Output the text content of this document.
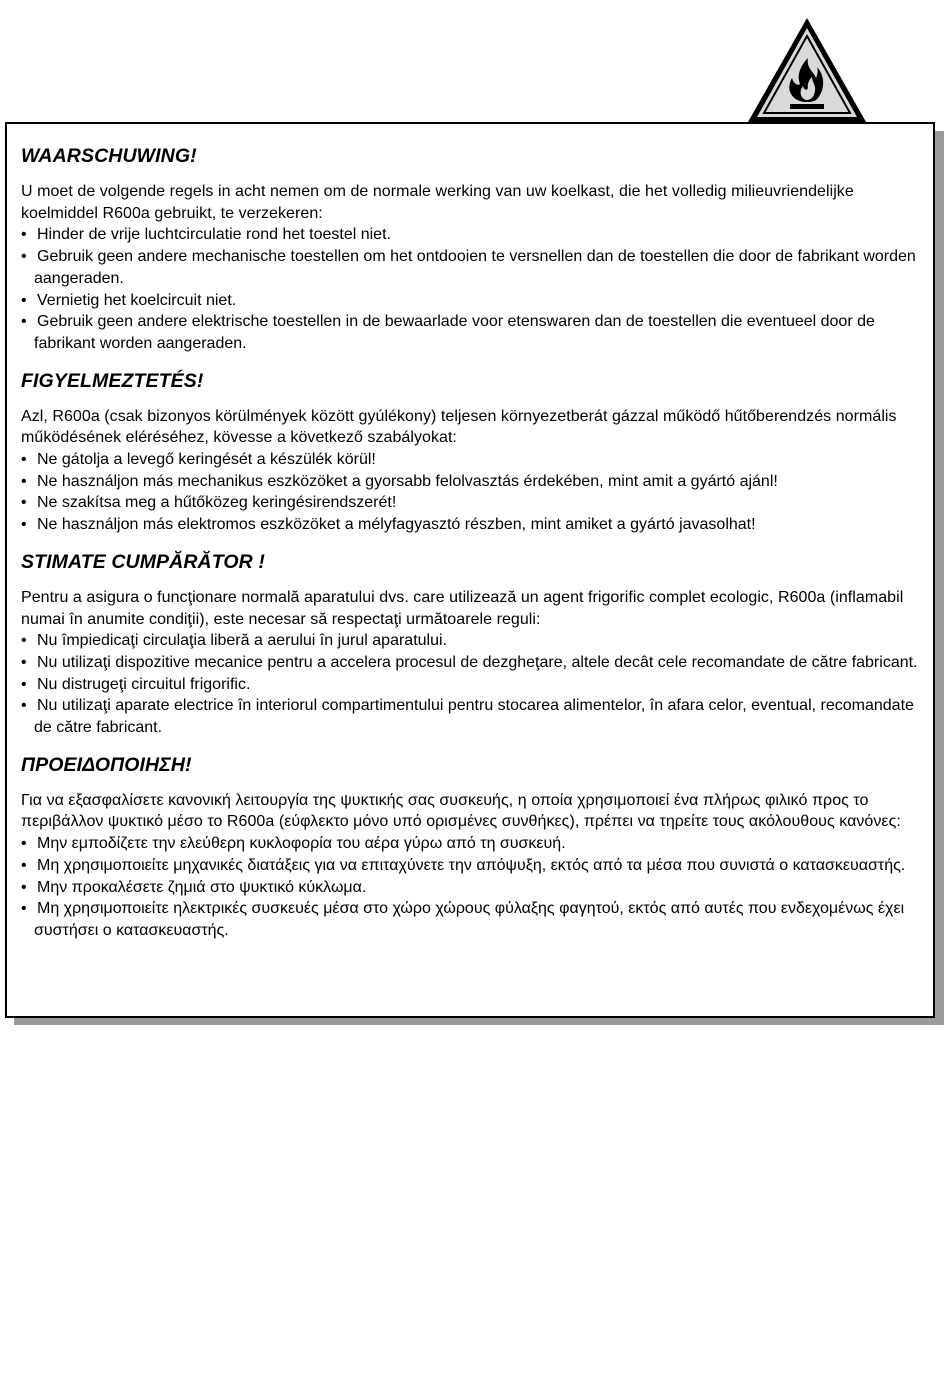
WAARSCHUWING!

U moet de volgende regels in acht nemen om de normale werking van uw koelkast, die het volledig milieuvriendelijke koelmiddel R600a gebruikt, te verzekeren:

• Hinder de vrije luchtcirculatie rond het toestel niet.
• Gebruik geen andere mechanische toestellen om het ontdooien te versnellen dan de toestellen die door de fabrikant worden aangeraden.
• Vernietig het koelcircuit niet.
• Gebruik geen andere elektrische toestellen in de bewaarlade voor etenswaren dan de toestellen die eventueel door de fabrikant worden aangeraden.
FIGYELMEZTETÉS!

Azl, R600a (csak bizonyos körülmények között gyúlékony) teljesen környezetberát gázzal működő hűtőberendzés normális működésének eléréséhez, kövesse a következő szabályokat:

• Ne gátolja a levegő keringését a készülék körül!
• Ne használjon más mechanikus eszközöket a gyorsabb felolvasztás érdekében, mint amit a gyártó ajánl!
• Ne szakítsa meg a hűtőközeg keringésirendszerét!
• Ne használjon más elektromos eszközöket a mélyfagyasztó részben, mint amiket a gyártó javasolhat!
STIMATE CUMPĂRĂTOR !

Pentru a asigura o funcţionare normală aparatului dvs. care utilizează un agent frigorific complet ecologic, R600a (inflamabil numai în anumite condiţii), este necesar să respectaţi următoarele reguli:

• Nu împiedicaţi circulaţia liberă a aerului în jurul aparatului.
• Nu utilizaţi dispozitive mecanice pentru a accelera procesul de dezgheţare, altele decât cele recomandate de către fabricant.
• Nu distrugeţi circuitul frigorific.
• Nu utilizaţi aparate electrice în interiorul compartimentului pentru stocarea alimentelor, în afara celor, eventual, recomandate de către fabricant.
ΠΡΟΕΙΔΟΠΟΙΗΣΗ!

Για να εξασφαλίσετε κανονική λειτουργία της ψυκτικής σας συσκευής, η οποία χρησιμοποιεί ένα πλήρως φιλικό προς το περιβάλλον ψυκτικό μέσο το R600a (εύφλεκτο μόνο υπό ορισμένες συνθήκες), πρέπει να τηρείτε τους ακόλουθους κανόνες:

• Μην εμποδίζετε την ελεύθερη κυκλοφορία του αέρα γύρω από τη συσκευή.
• Μη χρησιμοποιείτε μηχανικές διατάξεις για να επιταχύνετε την απόψυξη, εκτός από τα μέσα που συνιστά ο κατασκευαστής.
• Μην προκαλέσετε ζημιά στο ψυκτικό κύκλωμα.
• Μη χρησιμοποιείτε ηλεκτρικές συσκευές μέσα στο χώρο χώρους φύλαξης φαγητού, εκτός από αυτές που ενδεχομένως έχει συστήσει ο κατασκευαστής.
